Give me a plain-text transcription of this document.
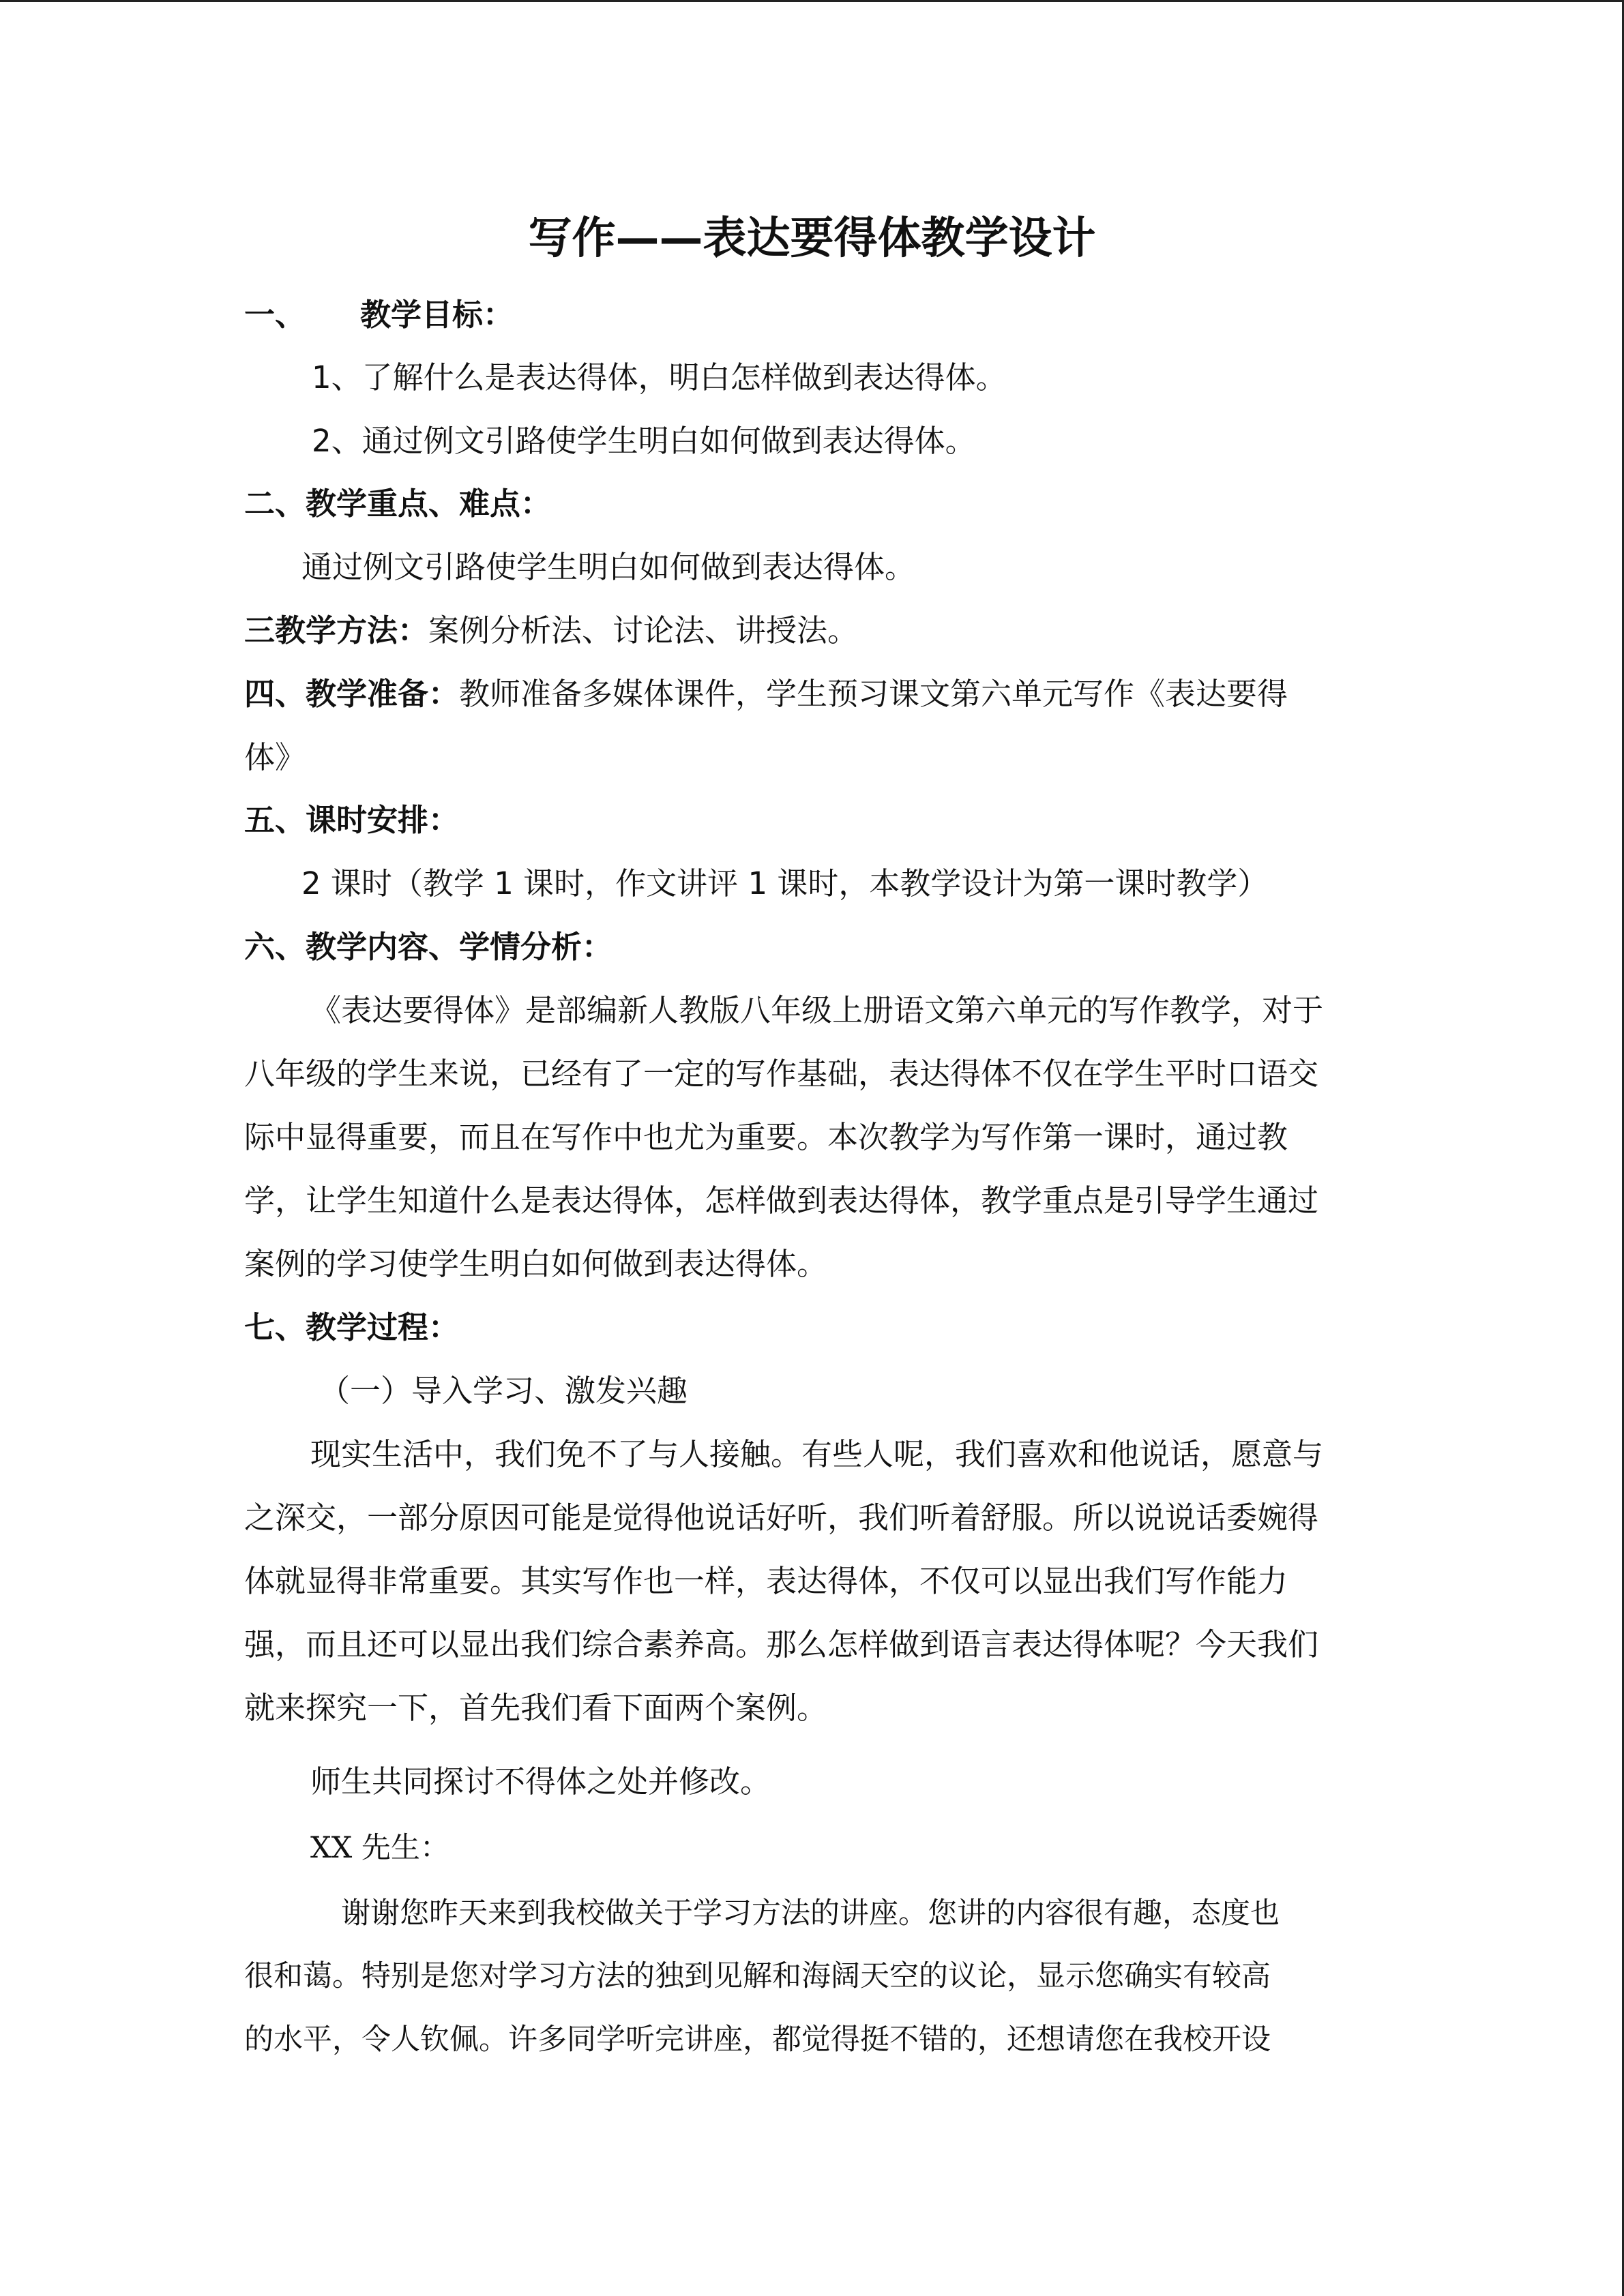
写作——表达要得体教学设计
一、 教学目标：
1、了解什么是表达得体，明白怎样做到表达得体。
2、通过例文引路使学生明白如何做到表达得体。
二、教学重点、难点：
通过例文引路使学生明白如何做到表达得体。
三教学方法：案例分析法、讨论法、讲授法。
四、教学准备：教师准备多媒体课件，学生预习课文第六单元写作《表达要得
体》
五、课时安排：
2 课时（教学 1 课时，作文讲评 1 课时，本教学设计为第一课时教学）
六、教学内容、学情分析：
《表达要得体》是部编新人教版八年级上册语文第六单元的写作教学，对于
八年级的学生来说，已经有了一定的写作基础，表达得体不仅在学生平时口语交
际中显得重要，而且在写作中也尤为重要。本次教学为写作第一课时，通过教
学，让学生知道什么是表达得体，怎样做到表达得体，教学重点是引导学生通过
案例的学习使学生明白如何做到表达得体。
七、教学过程：
（一）导入学习、激发兴趣
现实生活中，我们免不了与人接触。有些人呢，我们喜欢和他说话，愿意与
之深交，一部分原因可能是觉得他说话好听，我们听着舒服。所以说说话委婉得
体就显得非常重要。其实写作也一样，表达得体，不仅可以显出我们写作能力
强，而且还可以显出我们综合素养高。那么怎样做到语言表达得体呢？今天我们
就来探究一下，首先我们看下面两个案例。
师生共同探讨不得体之处并修改。
XX 先生：
谢谢您昨天来到我校做关于学习方法的讲座。您讲的内容很有趣，态度也
很和蔼。特别是您对学习方法的独到见解和海阔天空的议论，显示您确实有较高
的水平，令人钦佩。许多同学听完讲座，都觉得挺不错的，还想请您在我校开设
